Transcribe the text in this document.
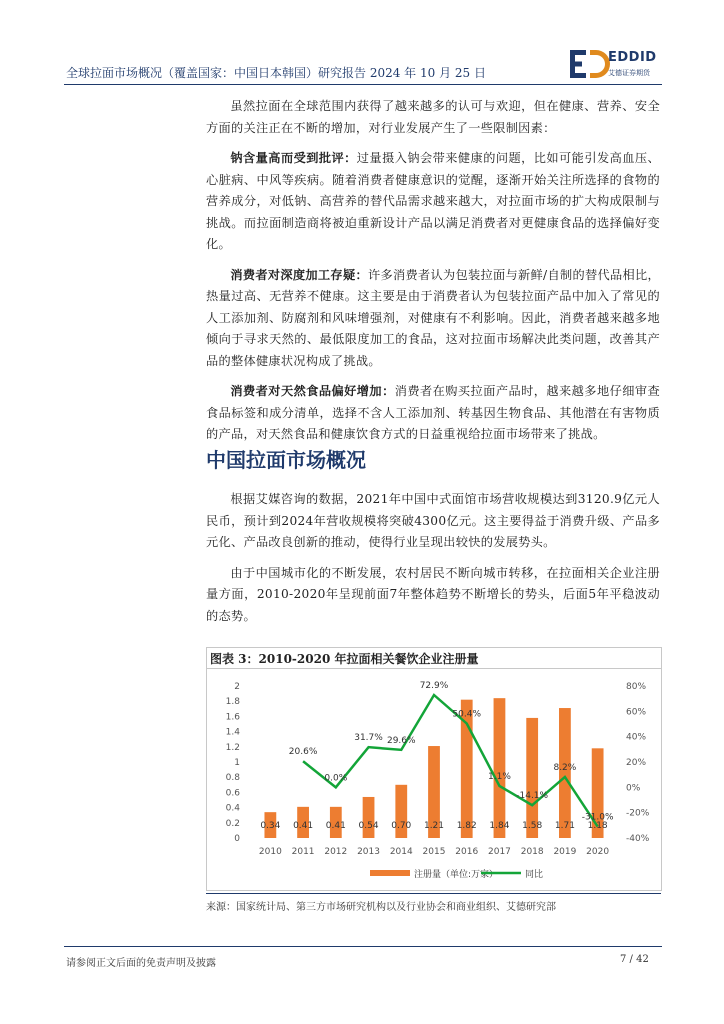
全球拉面市场概况（覆盖国家：中国日本韩国）研究报告 2024 年 10 月 25 日
EDDID
艾德证券期货

虽然拉面在全球范围内获得了越来越多的认可与欢迎，但在健康、营养、安全方面的关注正在不断的增加，对行业发展产生了一些限制因素：

钠含量高而受到批评：过量摄入钠会带来健康的问题，比如可能引发高血压、心脏病、中风等疾病。随着消费者健康意识的觉醒，逐渐开始关注所选择的食物的营养成分，对低钠、高营养的替代品需求越来越大，对拉面市场的扩大构成限制与挑战。而拉面制造商将被迫重新设计产品以满足消费者对更健康食品的选择偏好变化。

消费者对深度加工存疑：许多消费者认为包装拉面与新鲜/自制的替代品相比，热量过高、无营养不健康。这主要是由于消费者认为包装拉面产品中加入了常见的人工添加剂、防腐剂和风味增强剂，对健康有不利影响。因此，消费者越来越多地倾向于寻求天然的、最低限度加工的食品，这对拉面市场解决此类问题，改善其产品的整体健康状况构成了挑战。

消费者对天然食品偏好增加：消费者在购买拉面产品时，越来越多地仔细审查食品标签和成分清单，选择不含人工添加剂、转基因生物食品、其他潜在有害物质的产品，对天然食品和健康饮食方式的日益重视给拉面市场带来了挑战。

中国拉面市场概况

根据艾媒咨询的数据，2021年中国中式面馆市场营收规模达到3120.9亿元人民币，预计到2024年营收规模将突破4300亿元。这主要得益于消费升级、产品多元化、产品改良创新的推动，使得行业呈现出较快的发展势头。

由于中国城市化的不断发展，农村居民不断向城市转移，在拉面相关企业注册量方面，2010-2020年呈现前面7年整体趋势不断增长的势头，后面5年平稳波动的态势。

图表 3：2010-2020 年拉面相关餐饮企业注册量
0
0.2
0.4
0.6
0.8
1
1.2
1.4
1.6
1.8
2
-40%
-20%
0%
20%
40%
60%
80%
0.34 0.41 0.41 0.54 0.70 1.21 1.82 1.84 1.58 1.71 1.18
2010 2011 2012 2013 2014 2015 2016 2017 2018 2019 2020
20.6%
0.0%
31.7% 29.6%
72.9%
50.4%
1.1%
-14.1%
8.2%
-31.0%
注册量（单位:万家）	同比
来源：国家统计局、第三方市场研究机构以及行业协会和商业组织、艾德研究部
请参阅正文后面的免责声明及披露	7 / 42
